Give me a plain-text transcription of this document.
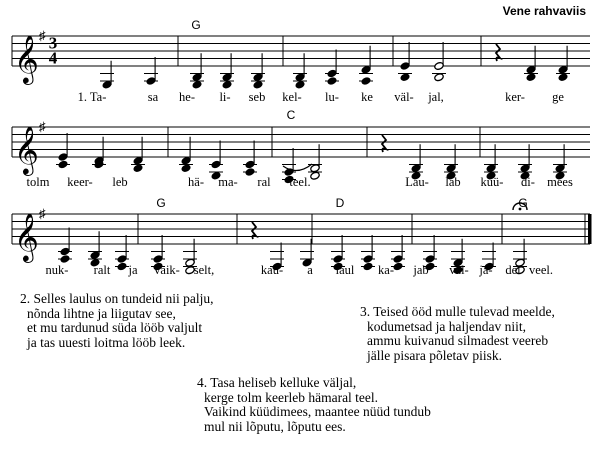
Vene rahvaviis
𝄞
♯ 3
4
G
1. Ta-	sa he- li- seb kel- lu- ke väl- jal,	ker- ge
𝄞
♯
C
tolm keer- leb	hä- ma- ral teel.	Lau- lab küü- di- mees
𝄞
♯
G	D	G
nuk- ralt ja vaik- selt,	kau- a laul ka- jab väl- ja- del veel.
2. Selles laulus on tundeid nii palju,
nõnda lihtne ja liigutav see,
et mu tardunud süda lööb valjult
ja tas uuesti loitma lööb leek.
3. Teised ööd mulle tulevad meelde,
kodumetsad ja haljendav niit,
ammu kuivanud silmadest veereb
jälle pisara põletav piisk.
4. Tasa heliseb kelluke väljal,
kerge tolm keerleb hämaral teel.
Vaikind küüdimees, maantee nüüd tundub
mul nii lõputu, lõputu ees.
